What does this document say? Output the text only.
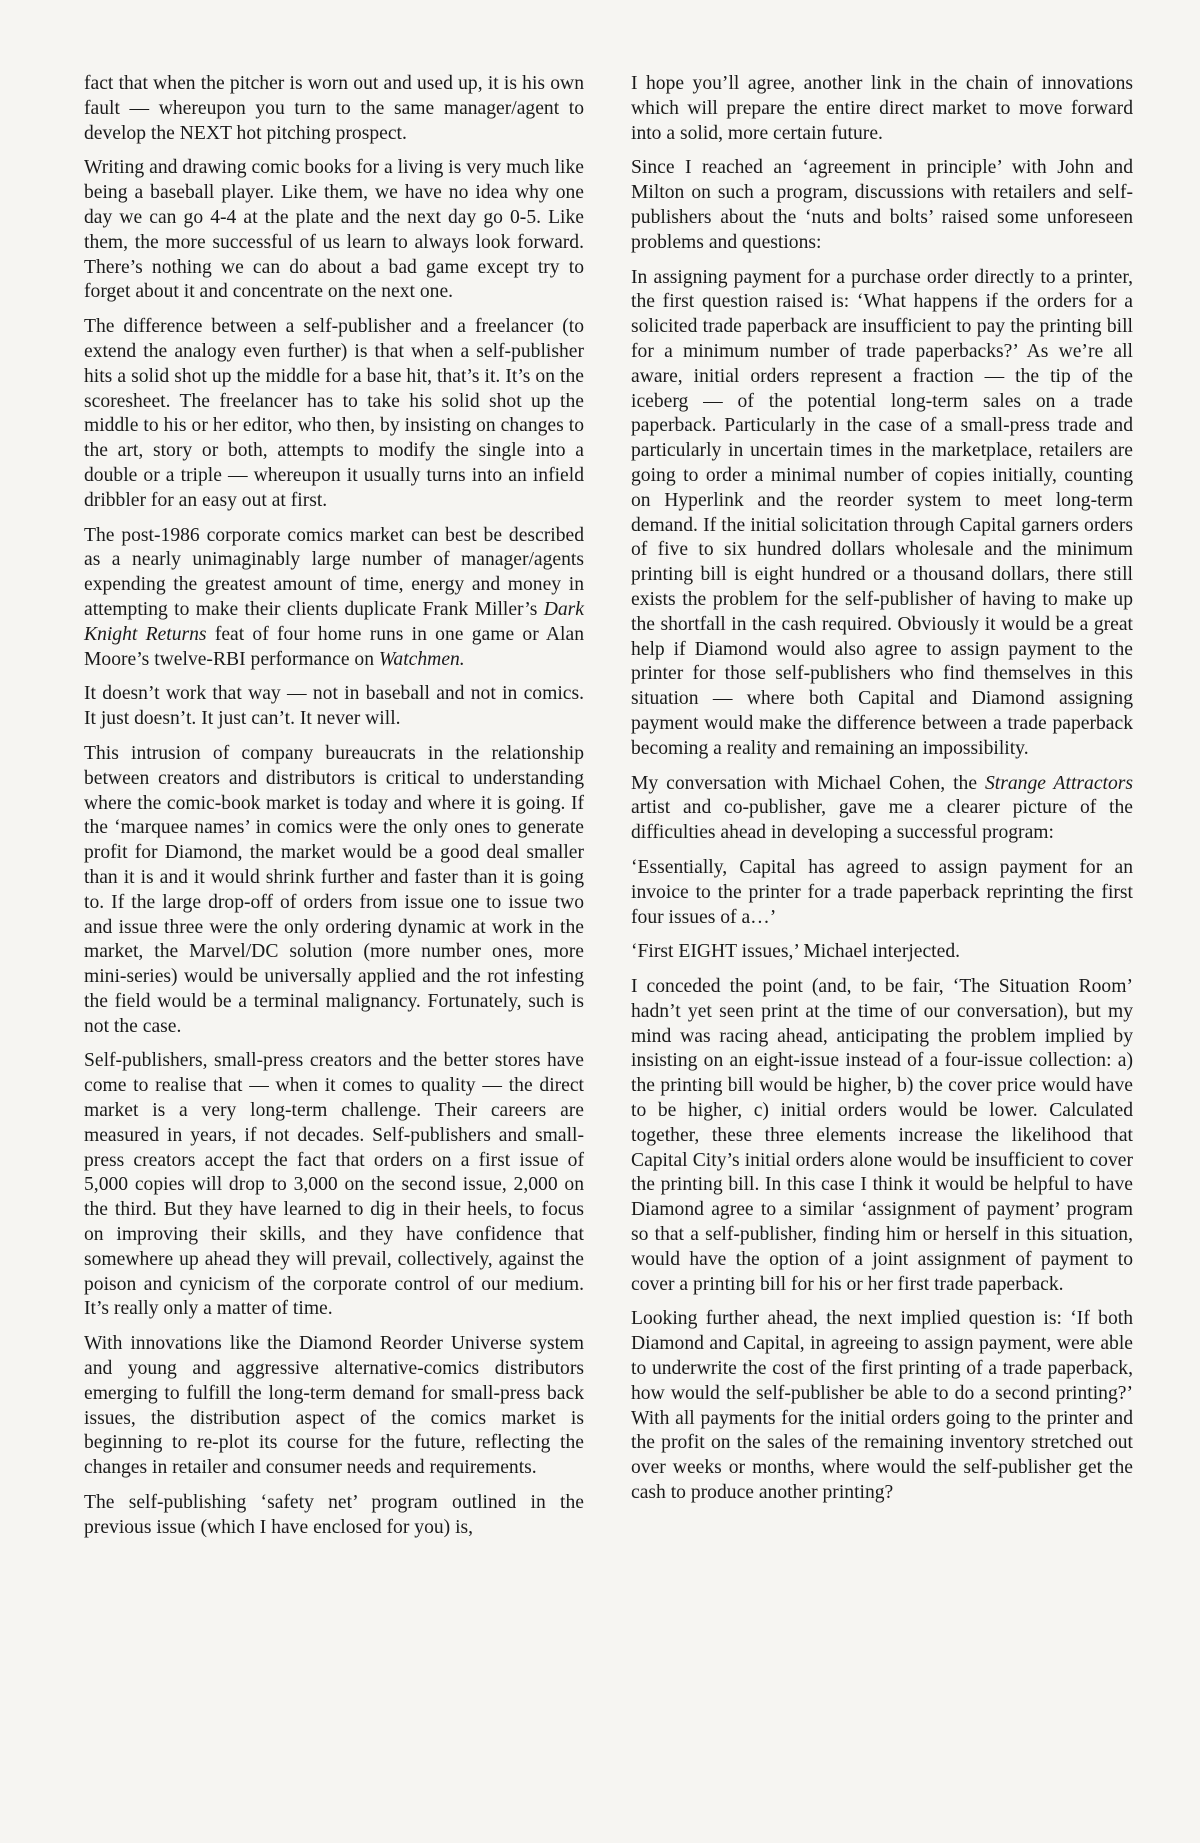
fact that when the pitcher is worn out and used up, it is his own fault — whereupon you turn to the same manager/agent to develop the NEXT hot pitching prospect.

Writing and drawing comic books for a living is very much like being a baseball player. Like them, we have no idea why one day we can go 4-4 at the plate and the next day go 0-5. Like them, the more successful of us learn to always look forward. There’s nothing we can do about a bad game except try to forget about it and concentrate on the next one.

The difference between a self-publisher and a freelancer (to extend the analogy even further) is that when a self-publisher hits a solid shot up the middle for a base hit, that’s it. It’s on the scoresheet. The freelancer has to take his solid shot up the middle to his or her editor, who then, by insisting on changes to the art, story or both, attempts to modify the single into a double or a triple — whereupon it usually turns into an infield dribbler for an easy out at first.

The post-1986 corporate comics market can best be described as a nearly unimaginably large number of manager/agents expending the greatest amount of time, energy and money in attempting to make their clients duplicate Frank Miller’s Dark Knight Returns feat of four home runs in one game or Alan Moore’s twelve-RBI performance on Watchmen.

It doesn’t work that way — not in baseball and not in comics. It just doesn’t. It just can’t. It never will.

This intrusion of company bureaucrats in the relationship between creators and distributors is critical to understanding where the comic-book market is today and where it is going. If the ‘marquee names’ in comics were the only ones to generate profit for Diamond, the market would be a good deal smaller than it is and it would shrink further and faster than it is going to. If the large drop-off of orders from issue one to issue two and issue three were the only ordering dynamic at work in the market, the Marvel/DC solution (more number ones, more mini-series) would be universally applied and the rot infesting the field would be a terminal malignancy. Fortunately, such is not the case.

Self-publishers, small-press creators and the better stores have come to realise that — when it comes to quality — the direct market is a very long-term challenge. Their careers are measured in years, if not decades. Self-publishers and small-press creators accept the fact that orders on a first issue of 5,000 copies will drop to 3,000 on the second issue, 2,000 on the third. But they have learned to dig in their heels, to focus on improving their skills, and they have confidence that somewhere up ahead they will prevail, collectively, against the poison and cynicism of the corporate control of our medium. It’s really only a matter of time.

With innovations like the Diamond Reorder Universe system and young and aggressive alternative-comics distributors emerging to fulfill the long-term demand for small-press back issues, the distribution aspect of the comics market is beginning to re-plot its course for the future, reflecting the changes in retailer and consumer needs and requirements.

The self-publishing ‘safety net’ program outlined in the previous issue (which I have enclosed for you) is,

I hope you’ll agree, another link in the chain of innovations which will prepare the entire direct market to move forward into a solid, more certain future.

Since I reached an ‘agreement in principle’ with John and Milton on such a program, discussions with retailers and self-publishers about the ‘nuts and bolts’ raised some unforeseen problems and questions:

In assigning payment for a purchase order directly to a printer, the first question raised is: ‘What happens if the orders for a solicited trade paperback are insufficient to pay the printing bill for a minimum number of trade paperbacks?’ As we’re all aware, initial orders represent a fraction — the tip of the iceberg — of the potential long-term sales on a trade paperback. Particularly in the case of a small-press trade and particularly in uncertain times in the marketplace, retailers are going to order a minimal number of copies initially, counting on Hyperlink and the reorder system to meet long-term demand. If the initial solicitation through Capital garners orders of five to six hundred dollars wholesale and the minimum printing bill is eight hundred or a thousand dollars, there still exists the problem for the self-publisher of having to make up the shortfall in the cash required. Obviously it would be a great help if Diamond would also agree to assign payment to the printer for those self-publishers who find themselves in this situation — where both Capital and Diamond assigning payment would make the difference between a trade paperback becoming a reality and remaining an impossibility.

My conversation with Michael Cohen, the Strange Attractors artist and co-publisher, gave me a clearer picture of the difficulties ahead in developing a successful program:

‘Essentially, Capital has agreed to assign payment for an invoice to the printer for a trade paperback reprinting the first four issues of a…’

‘First EIGHT issues,’ Michael interjected.

I conceded the point (and, to be fair, ‘The Situation Room’ hadn’t yet seen print at the time of our conversation), but my mind was racing ahead, anticipating the problem implied by insisting on an eight-issue instead of a four-issue collection: a) the printing bill would be higher, b) the cover price would have to be higher, c) initial orders would be lower. Calculated together, these three elements increase the likelihood that Capital City’s initial orders alone would be insufficient to cover the printing bill. In this case I think it would be helpful to have Diamond agree to a similar ‘assignment of payment’ program so that a self-publisher, finding him or herself in this situation, would have the option of a joint assignment of payment to cover a printing bill for his or her first trade paperback.

Looking further ahead, the next implied question is: ‘If both Diamond and Capital, in agreeing to assign payment, were able to underwrite the cost of the first printing of a trade paperback, how would the self-publisher be able to do a second printing?’ With all payments for the initial orders going to the printer and the profit on the sales of the remaining inventory stretched out over weeks or months, where would the self-publisher get the cash to produce another printing?
